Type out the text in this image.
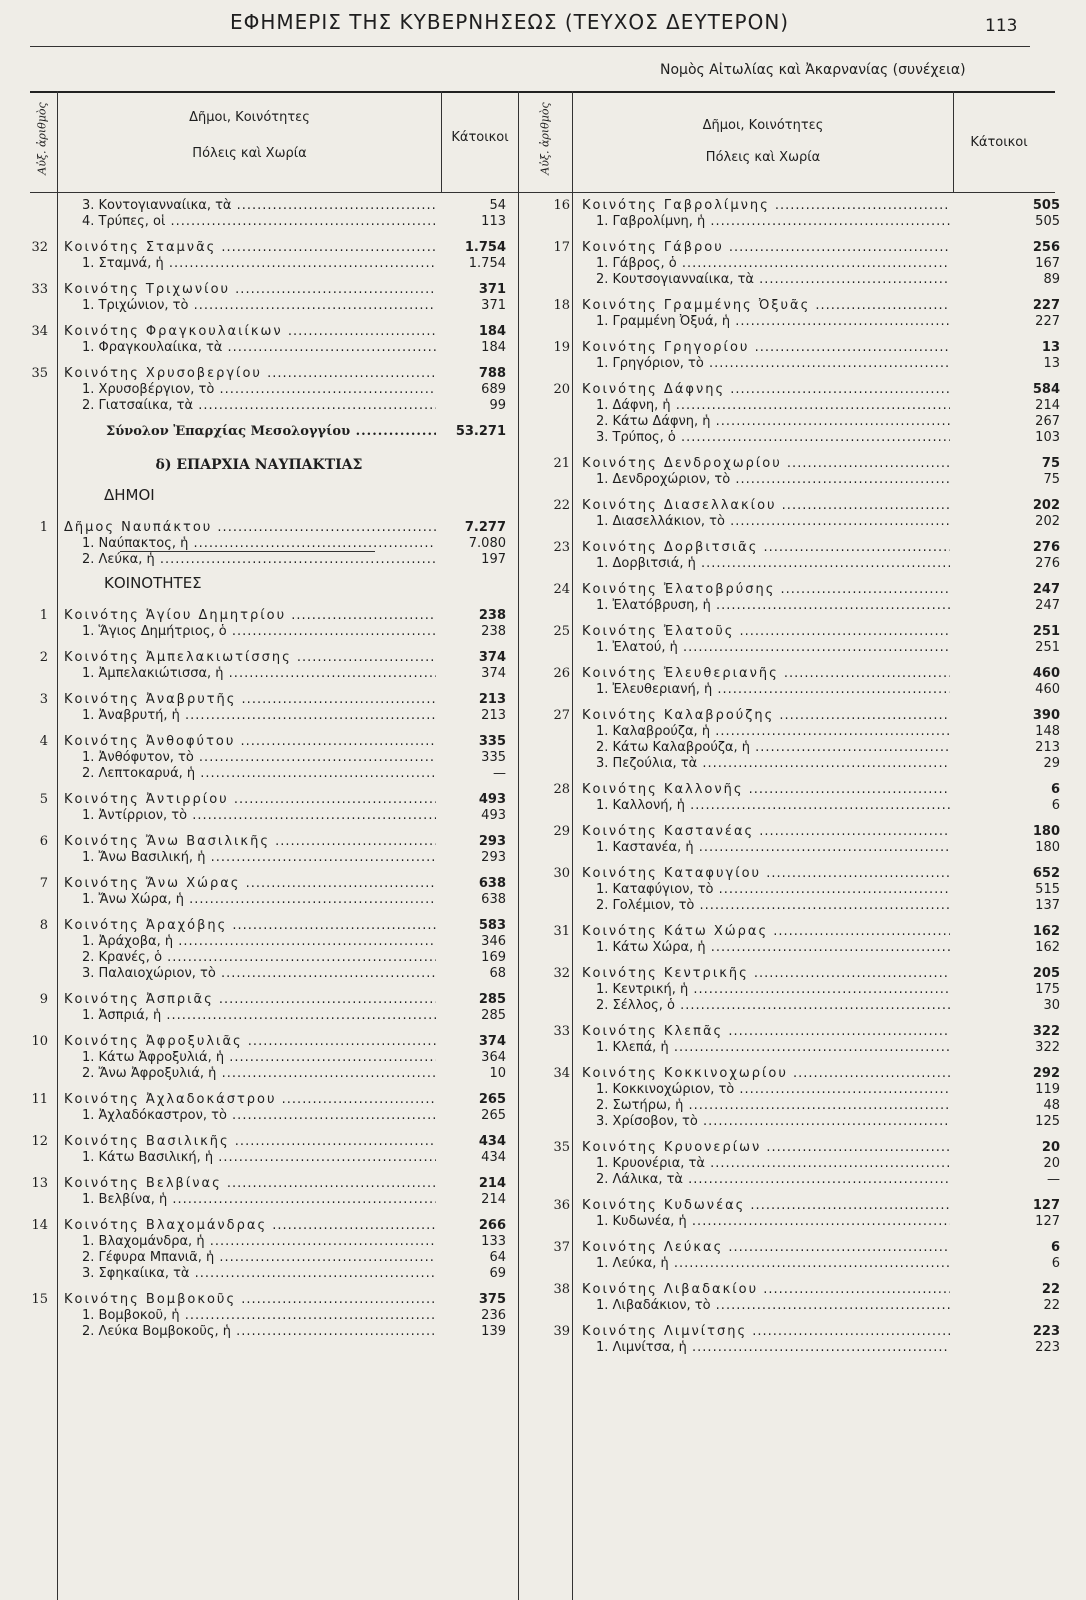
ΕΦΗΜΕΡΙΣ ΤΗΣ ΚΥΒΕΡΝΗΣΕΩΣ (ΤΕΥΧΟΣ ΔΕΥΤΕΡΟΝ)	113
Νομὸς Αἰτωλίας καὶ Ἀκαρνανίας (συνέχεια)
Αὐξ. ἀριθμὸς	Δῆμοι, Κοινότητες
Πόλεις καὶ Χωρία
Κάτοικοι	Αὐξ. ἀριθμὸς	Δῆμοι, Κοινότητες
Πόλεις καὶ Χωρία
Κάτοικοι
3. Κοντογιανναίικα, τὰ .....	54
4. Τρύπες, οἱ .....	113
32 Κοινότης Σταμνᾶς .....	1.754
1. Σταμνά, ἡ .....	1.754
33 Κοινότης Τριχωνίου .....	371
1. Τριχώνιον, τὸ .....	371
34 Κοινότης Φραγκουλαιίκων .....	184
1. Φραγκουλαίικα, τὰ .....	184
35 Κοινότης Χρυσοβεργίου .....	788
1. Χρυσοβέργιον, τὸ .....	689
2. Γιατσαίικα, τὰ .....	99
Σύνολον Ἐπαρχίας Μεσολογγίου .....	53.271
δ) ΕΠΑΡΧΙΑ ΝΑΥΠΑΚΤΙΑΣ
ΔΗΜΟΙ
1 Δῆμος Ναυπάκτου .....	7.277
1. Ναύπακτος, ἡ .....	7.080
2. Λεύκα, ἡ .....	197
ΚΟΙΝΟΤΗΤΕΣ
1 Κοινότης Ἁγίου Δημητρίου .....	238
1. Ἅγιος Δημήτριος, ὁ .....	238
2 Κοινότης Ἀμπελακιωτίσσης .....	374
1. Ἀμπελακιώτισσα, ἡ .....	374
3 Κοινότης Ἀναβρυτῆς .....	213
1. Ἀναβρυτή, ἡ .....	213
4 Κοινότης Ἀνθοφύτου .....	335
1. Ἀνθόφυτον, τὸ .....	335
2. Λεπτοκαρυά, ἡ .....	—
5 Κοινότης Ἀντιρρίου .....	493
1. Ἀντίρριον, τὸ .....	493
6 Κοινότης Ἄνω Βασιλικῆς .....	293
1. Ἄνω Βασιλική, ἡ .....	293
7 Κοινότης Ἄνω Χώρας .....	638
1. Ἄνω Χώρα, ἡ .....	638
8 Κοινότης Ἀραχόβης .....	583
1. Ἀράχοβα, ἡ .....	346
2. Κρανές, ὁ .....	169
3. Παλαιοχώριον, τὸ .....	68
9 Κοινότης Ἀσπριᾶς .....	285
1. Ἀσπριά, ἡ .....	285
10 Κοινότης Ἀφροξυλιᾶς .....	374
1. Κάτω Ἀφροξυλιά, ἡ .....	364
2. Ἄνω Ἀφροξυλιά, ἡ .....	10
11 Κοινότης Ἀχλαδοκάστρου .....	265
1. Ἀχλαδόκαστρον, τὸ .....	265
12 Κοινότης Βασιλικῆς .....	434
1. Κάτω Βασιλική, ἡ .....	434
13 Κοινότης Βελβίνας .....	214
1. Βελβίνα, ἡ .....	214
14 Κοινότης Βλαχομάνδρας .....	266
1. Βλαχομάνδρα, ἡ .....	133
2. Γέφυρα Μπανιᾶ, ἡ .....	64
3. Σφηκαίικα, τὰ .....	69
15 Κοινότης Βομβοκοῦς .....	375
1. Βομβοκοῦ, ἡ .....	236
2. Λεύκα Βομβοκοῦς, ἡ .....	139
16 Κοινότης Γαβρολίμνης .....	505
1. Γαβρολίμνη, ἡ .....	505
17 Κοινότης Γάβρου .....	256
1. Γάβρος, ὁ .....	167
2. Κουτσογιανναίικα, τὰ .....	89
18 Κοινότης Γραμμένης Ὀξυᾶς .....	227
1. Γραμμένη Ὀξυά, ἡ .....	227
19 Κοινότης Γρηγορίου .....	13
1. Γρηγόριον, τὸ .....	13
20 Κοινότης Δάφνης .....	584
1. Δάφνη, ἡ .....	214
2. Κάτω Δάφνη, ἡ .....	267
3. Τρύπος, ὁ .....	103
21 Κοινότης Δενδροχωρίου .....	75
1. Δενδροχώριον, τὸ .....	75
22 Κοινότης Διασελλακίου .....	202
1. Διασελλάκιον, τὸ .....	202
23 Κοινότης Δορβιτσιᾶς .....	276
1. Δορβιτσιά, ἡ .....	276
24 Κοινότης Ἐλατοβρύσης .....	247
1. Ἐλατόβρυση, ἡ .....	247
25 Κοινότης Ἐλατοῦς .....	251
1. Ἐλατού, ἡ .....	251
26 Κοινότης Ἐλευθεριανῆς .....	460
1. Ἐλευθεριανή, ἡ .....	460
27 Κοινότης Καλαβρούζης .....	390
1. Καλαβρούζα, ἡ .....	148
2. Κάτω Καλαβρούζα, ἡ .....	213
3. Πεζούλια, τὰ .....	29
28 Κοινότης Καλλονῆς .....	6
1. Καλλονή, ἡ .....	6
29 Κοινότης Καστανέας .....	180
1. Καστανέα, ἡ .....	180
30 Κοινότης Καταφυγίου .....	652
1. Καταφύγιον, τὸ .....	515
2. Γολέμιον, τὸ .....	137
31 Κοινότης Κάτω Χώρας .....	162
1. Κάτω Χώρα, ἡ .....	162
32 Κοινότης Κεντρικῆς .....	205
1. Κεντρική, ἡ .....	175
2. Σέλλος, ὁ .....	30
33 Κοινότης Κλεπᾶς .....	322
1. Κλεπά, ἡ .....	322
34 Κοινότης Κοκκινοχωρίου .....	292
1. Κοκκινοχώριον, τὸ .....	119
2. Σωτήρω, ἡ .....	48
3. Χρίσοβον, τὸ .....	125
35 Κοινότης Κρυονερίων .....	20
1. Κρυονέρια, τὰ .....	20
2. Λάλικα, τὰ .....	—
36 Κοινότης Κυδωνέας .....	127
1. Κυδωνέα, ἡ .....	127
37 Κοινότης Λεύκας .....	6
1. Λεύκα, ἡ .....	6
38 Κοινότης Λιβαδακίου .....	22
1. Λιβαδάκιον, τὸ .....	22
39 Κοινότης Λιμνίτσης .....	223
1. Λιμνίτσα, ἡ .....	223
